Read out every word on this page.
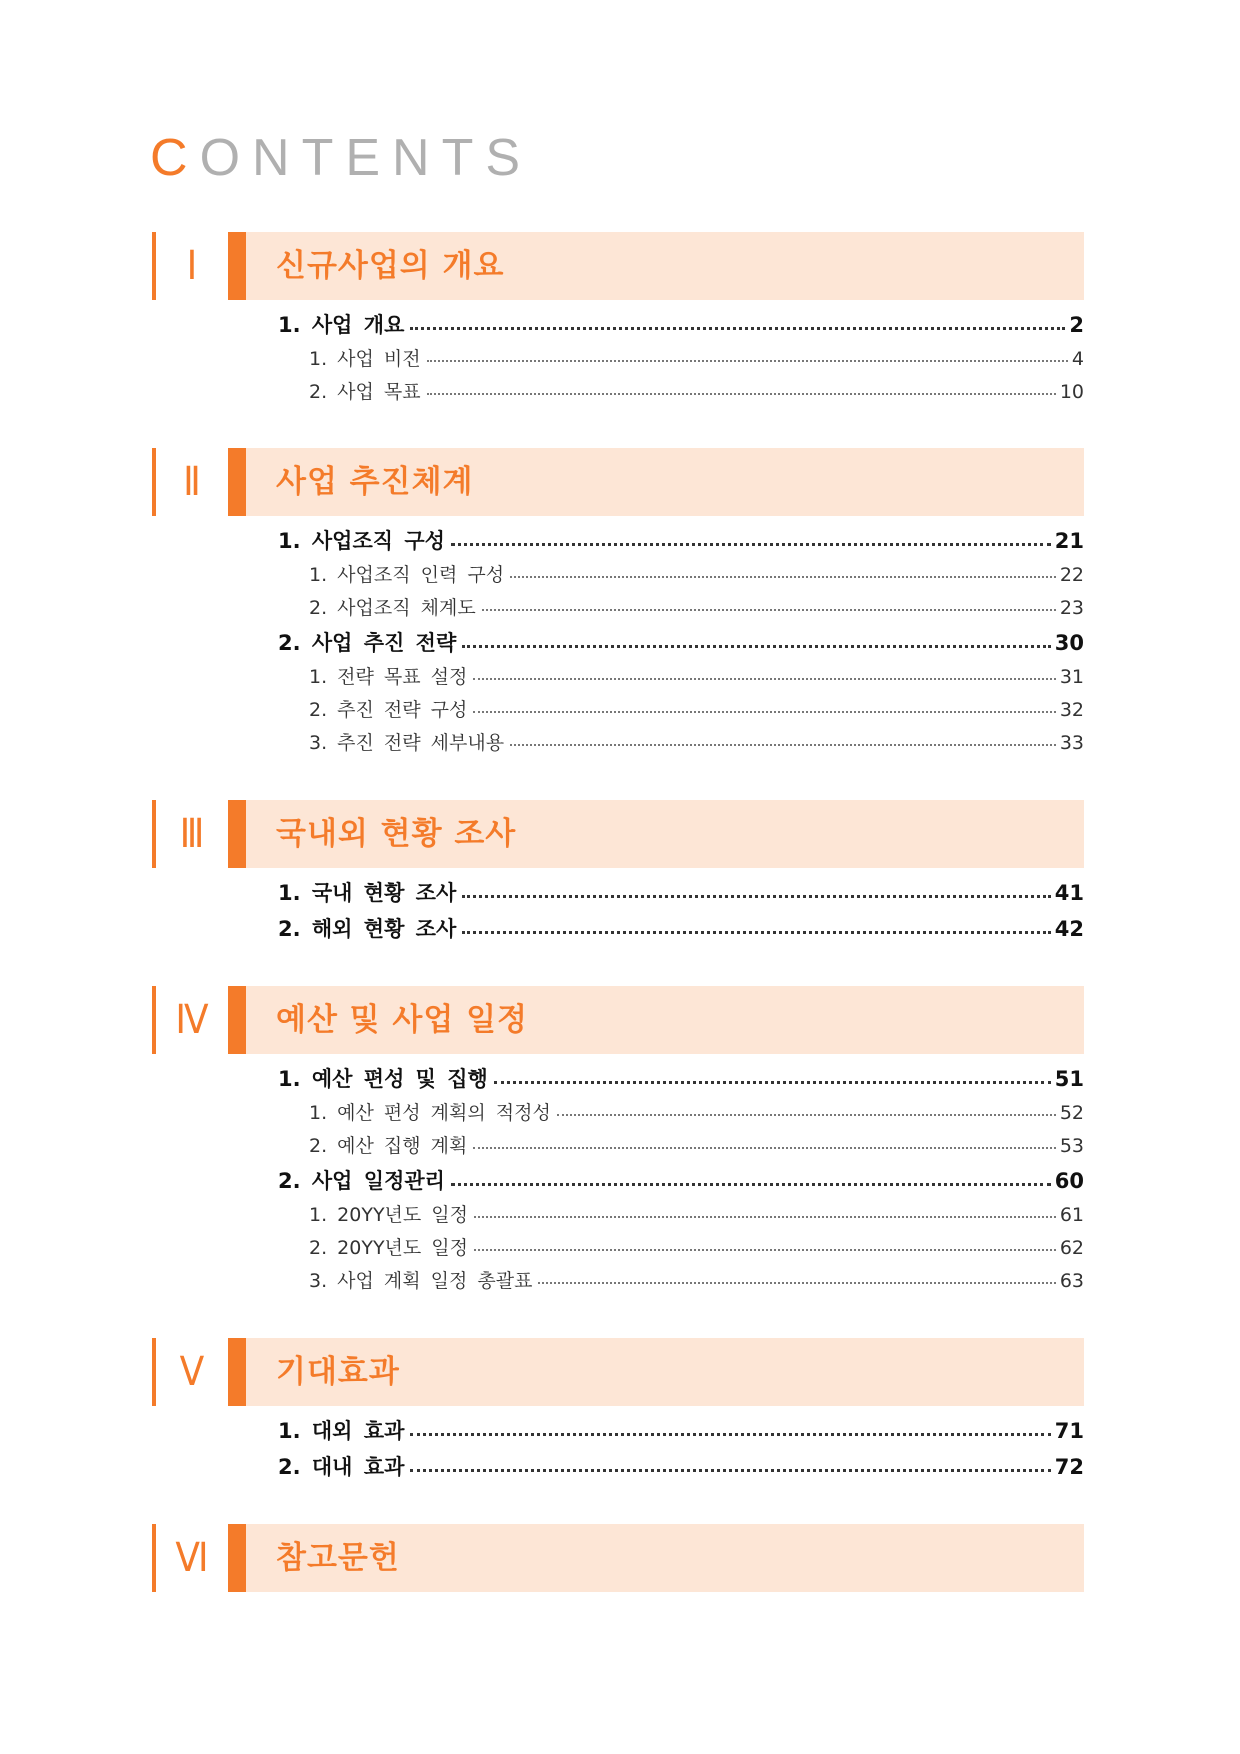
CONTENTS
Ⅰ	신규사업의 개요
1. 사업 개요	2
1. 사업 비전	4
2. 사업 목표	10
Ⅱ	사업 추진체계
1. 사업조직 구성	21
1. 사업조직 인력 구성	22
2. 사업조직 체계도	23
2. 사업 추진 전략	30
1. 전략 목표 설정	31
2. 추진 전략 구성	32
3. 추진 전략 세부내용	33
Ⅲ	국내외 현황 조사
1. 국내 현황 조사	41
2. 해외 현황 조사	42
Ⅳ	예산 및 사업 일정
1. 예산 편성 및 집행	51
1. 예산 편성 계획의 적정성	52
2. 예산 집행 계획	53
2. 사업 일정관리	60
1. 20YY년도 일정	61
2. 20YY년도 일정	62
3. 사업 계획 일정 총괄표	63
Ⅴ	기대효과
1. 대외 효과	71
2. 대내 효과	72
Ⅵ	참고문헌
